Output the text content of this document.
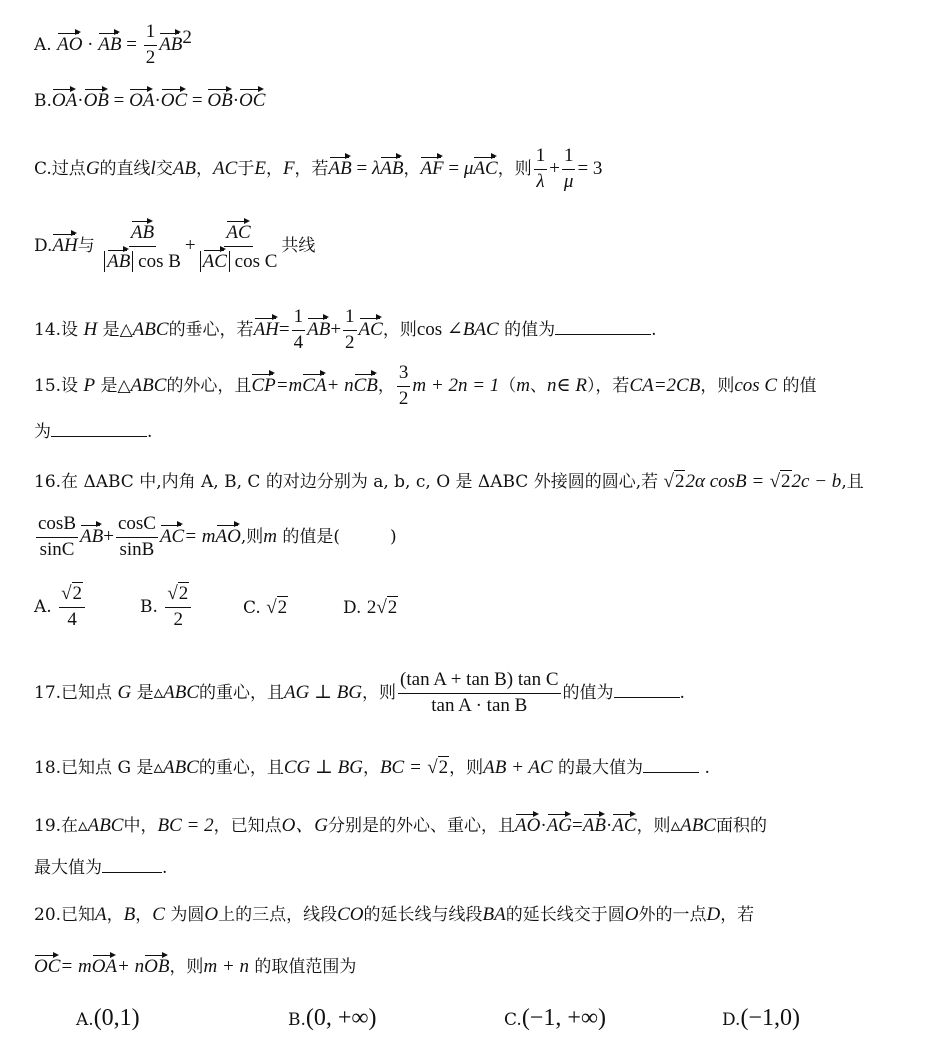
A. AO · AB = $\frac{1}{2} AB^2$
B.OA·OB = OA·OC = OB·OC
C.过点G的直线l交AB，AC于E，F，若AB = λAB，AF = μAC，则 $\frac{1}{\lambda} + \frac{1}{\mu} = 3$
D.AH与 $\frac{AB}{\text{AB cos B}} + \frac{AC}{\text{AC cos C}}$ 共线
14.设 H 是△ABC的垂心，若$AH= \frac{1}{4} AB+ \frac{1}{2}$ AC，则cos ∠BAC 的值为	.
15.设 P 是△ABC的外心，且CP=mCA+ nCB， $\frac{3}{2}$ m + 2n = 1（m、n∈ R），若CA=2CB，则cos C 的值
为	.
16.在 ΔABC 中,内角 A, B, C 的对边分别为 a, b, c, O 是 ΔABC 外接圆的圆心,若 √22α cosB = √22c − b,且
$\frac{\cos B}{\sin C} AB+ \frac{\cos C}{\sin B} AC=$ mAO,则m 的值是(	)
A. $\frac{√2}{4}$	B. $\frac{√2}{2}$	C. √2	D. 2√2
17.已知点 G 是▵ABC的重心，且AG ⊥ BG，则 $\frac{\text{(tan A + tan B) tan C}}{\text{tan A · tan B}}$ 的值为	.
18.已知点 G 是▵ABC的重心，且CG ⊥ BG，BC = √2，则AB + AC 的最大值为	.
19.在▵ABC中，BC = 2，已知点O、G分别是的外心、重心，且AO·AG=AB·AC，则▵ABC面积的
最大值为	.
20.已知A，B，C 为圆O上的三点，线段CO的延长线与线段BA的延长线交于圆O外的一点D，若
OC= mOA+ nOB，则m + n 的取值范围为
A.(0,1)	B.(0, +∞)	C.(−1, +∞)	D.(−1,0)
